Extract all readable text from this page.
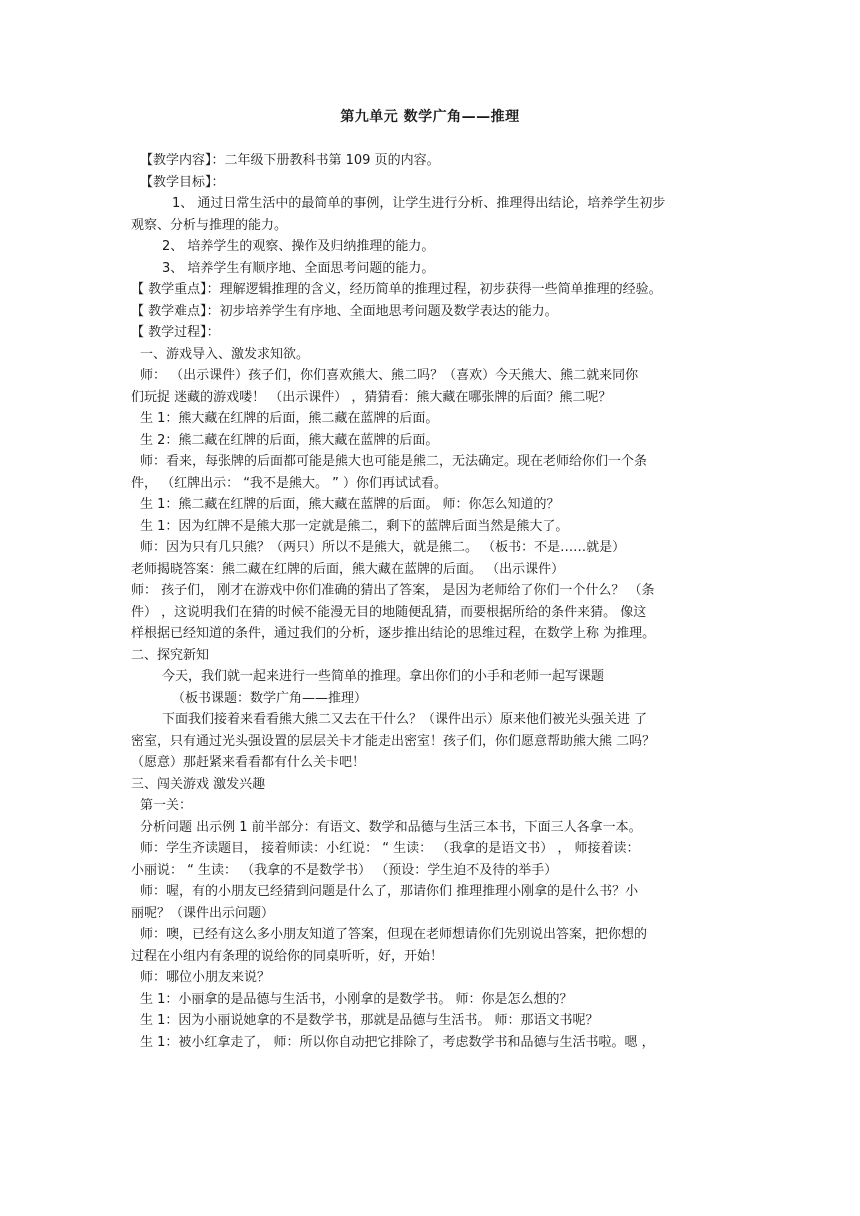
第九单元 数学广角——推理
【教学内容】：二年级下册教科书第 109 页的内容。
【教学目标】：
1、 通过日常生活中的最简单的事例，让学生进行分析、推理得出结论，培养学生初步
观察、分析与推理的能力。
2、 培养学生的观察、操作及归纳推理的能力。
3、 培养学生有顺序地、全面思考问题的能力。
【 教学重点】：理解逻辑推理的含义，经历简单的推理过程，初步获得一些简单推理的经验。
【 教学难点】：初步培养学生有序地、全面地思考问题及数学表达的能力。
【 教学过程】：
一、游戏导入、激发求知欲。
师： （出示课件）孩子们，你们喜欢熊大、熊二吗？（喜欢）今天熊大、熊二就来同你
们玩捉 迷藏的游戏喽！ （出示课件） ，猜猜看：熊大藏在哪张牌的后面？熊二呢？
生 1：熊大藏在红牌的后面，熊二藏在蓝牌的后面。
生 2：熊二藏在红牌的后面，熊大藏在蓝牌的后面。
师：看来，每张牌的后面都可能是熊大也可能是熊二，无法确定。现在老师给你们一个条
件， （红牌出示： “我不是熊大。 ” ）你们再试试看。
生 1：熊二藏在红牌的后面，熊大藏在蓝牌的后面。 师：你怎么知道的？
生 1：因为红牌不是熊大那一定就是熊二，剩下的蓝牌后面当然是熊大了。
师：因为只有几只熊？（两只）所以不是熊大，就是熊二。 （板书：不是……就是）
老师揭晓答案：熊二藏在红牌的后面，熊大藏在蓝牌的后面。 （出示课件）
师： 孩子们， 刚才在游戏中你们准确的猜出了答案， 是因为老师给了你们一个什么？ （条
件） ，这说明我们在猜的时候不能漫无目的地随便乱猜，而要根据所给的条件来猜。 像这
样根据已经知道的条件，通过我们的分析，逐步推出结论的思维过程，在数学上称 为推理。
二、探究新知
今天，我们就一起来进行一些简单的推理。拿出你们的小手和老师一起写课题
（板书课题：数学广角——推理）
下面我们接着来看看熊大熊二又去在干什么？（课件出示）原来他们被光头强关进 了
密室，只有通过光头强设置的层层关卡才能走出密室！孩子们，你们愿意帮助熊大熊 二吗？
（愿意）那赶紧来看看都有什么关卡吧！
三、闯关游戏 激发兴趣
第一关：
分析问题 出示例 1 前半部分：有语文、数学和品德与生活三本书，下面三人各拿一本。
师：学生齐读题目， 接着师读：小红说： “ 生读： （我拿的是语文书） ， 师接着读：
小丽说： “ 生读： （我拿的不是数学书） （预设：学生迫不及待的举手）
师：喔，有的小朋友已经猜到问题是什么了，那请你们 推理推理小刚拿的是什么书？小
丽呢？（课件出示问题）
师：噢，已经有这么多小朋友知道了答案，但现在老师想请你们先别说出答案，把你想的
过程在小组内有条理的说给你的同桌听听，好，开始！
师：哪位小朋友来说？
生 1：小丽拿的是品德与生活书，小刚拿的是数学书。 师：你是怎么想的？
生 1：因为小丽说她拿的不是数学书，那就是品德与生活书。 师：那语文书呢？
生 1：被小红拿走了， 师：所以你自动把它排除了，考虑数学书和品德与生活书啦。嗯 ，
